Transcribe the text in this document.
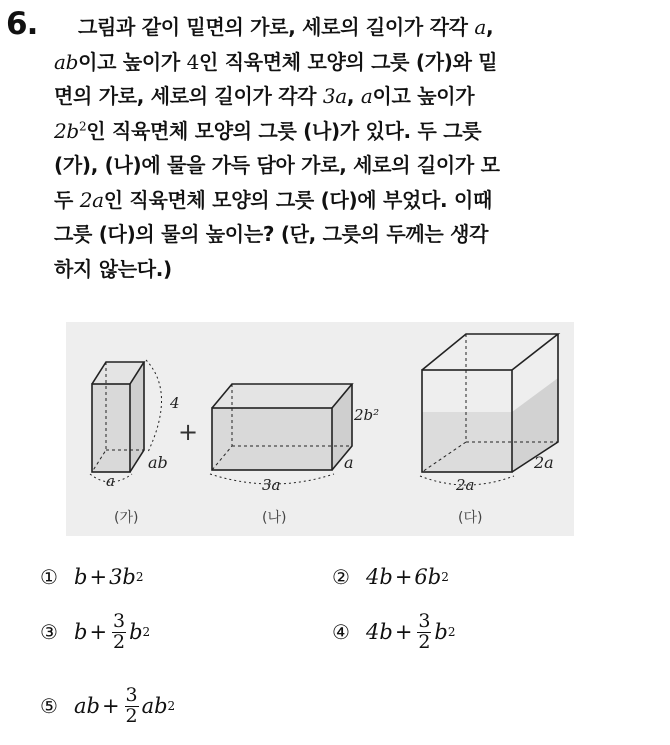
6.	그림과 같이 밑면의 가로, 세로의 길이가 각각 a,
ab이고 높이가 4인 직육면체 모양의 그릇 (가)와 밑
면의 가로, 세로의 길이가 각각 3a, a이고 높이가
$2b^2$인 직육면체 모양의 그릇 (나)가 있다. 두 그릇
(가), (나)에 물을 가득 담아 가로, 세로의 길이가 모
두 2a인 직육면체 모양의 그릇 (다)에 부었다. 이때
그릇 (다)의 물의 높이는? (단, 그릇의 두께는 생각
하지 않는다.)
4
ab
a
(가)
+
2b²
a
3a
(나)
2a
2a
(다)
① b + 3b 2	② 4b + 6b 2
③ $b + \frac{3}{2}$ b 2	④ $4b + \frac{3}{2}$ b 2
⑤ ab + $\frac{3}{2}$ ab 2
